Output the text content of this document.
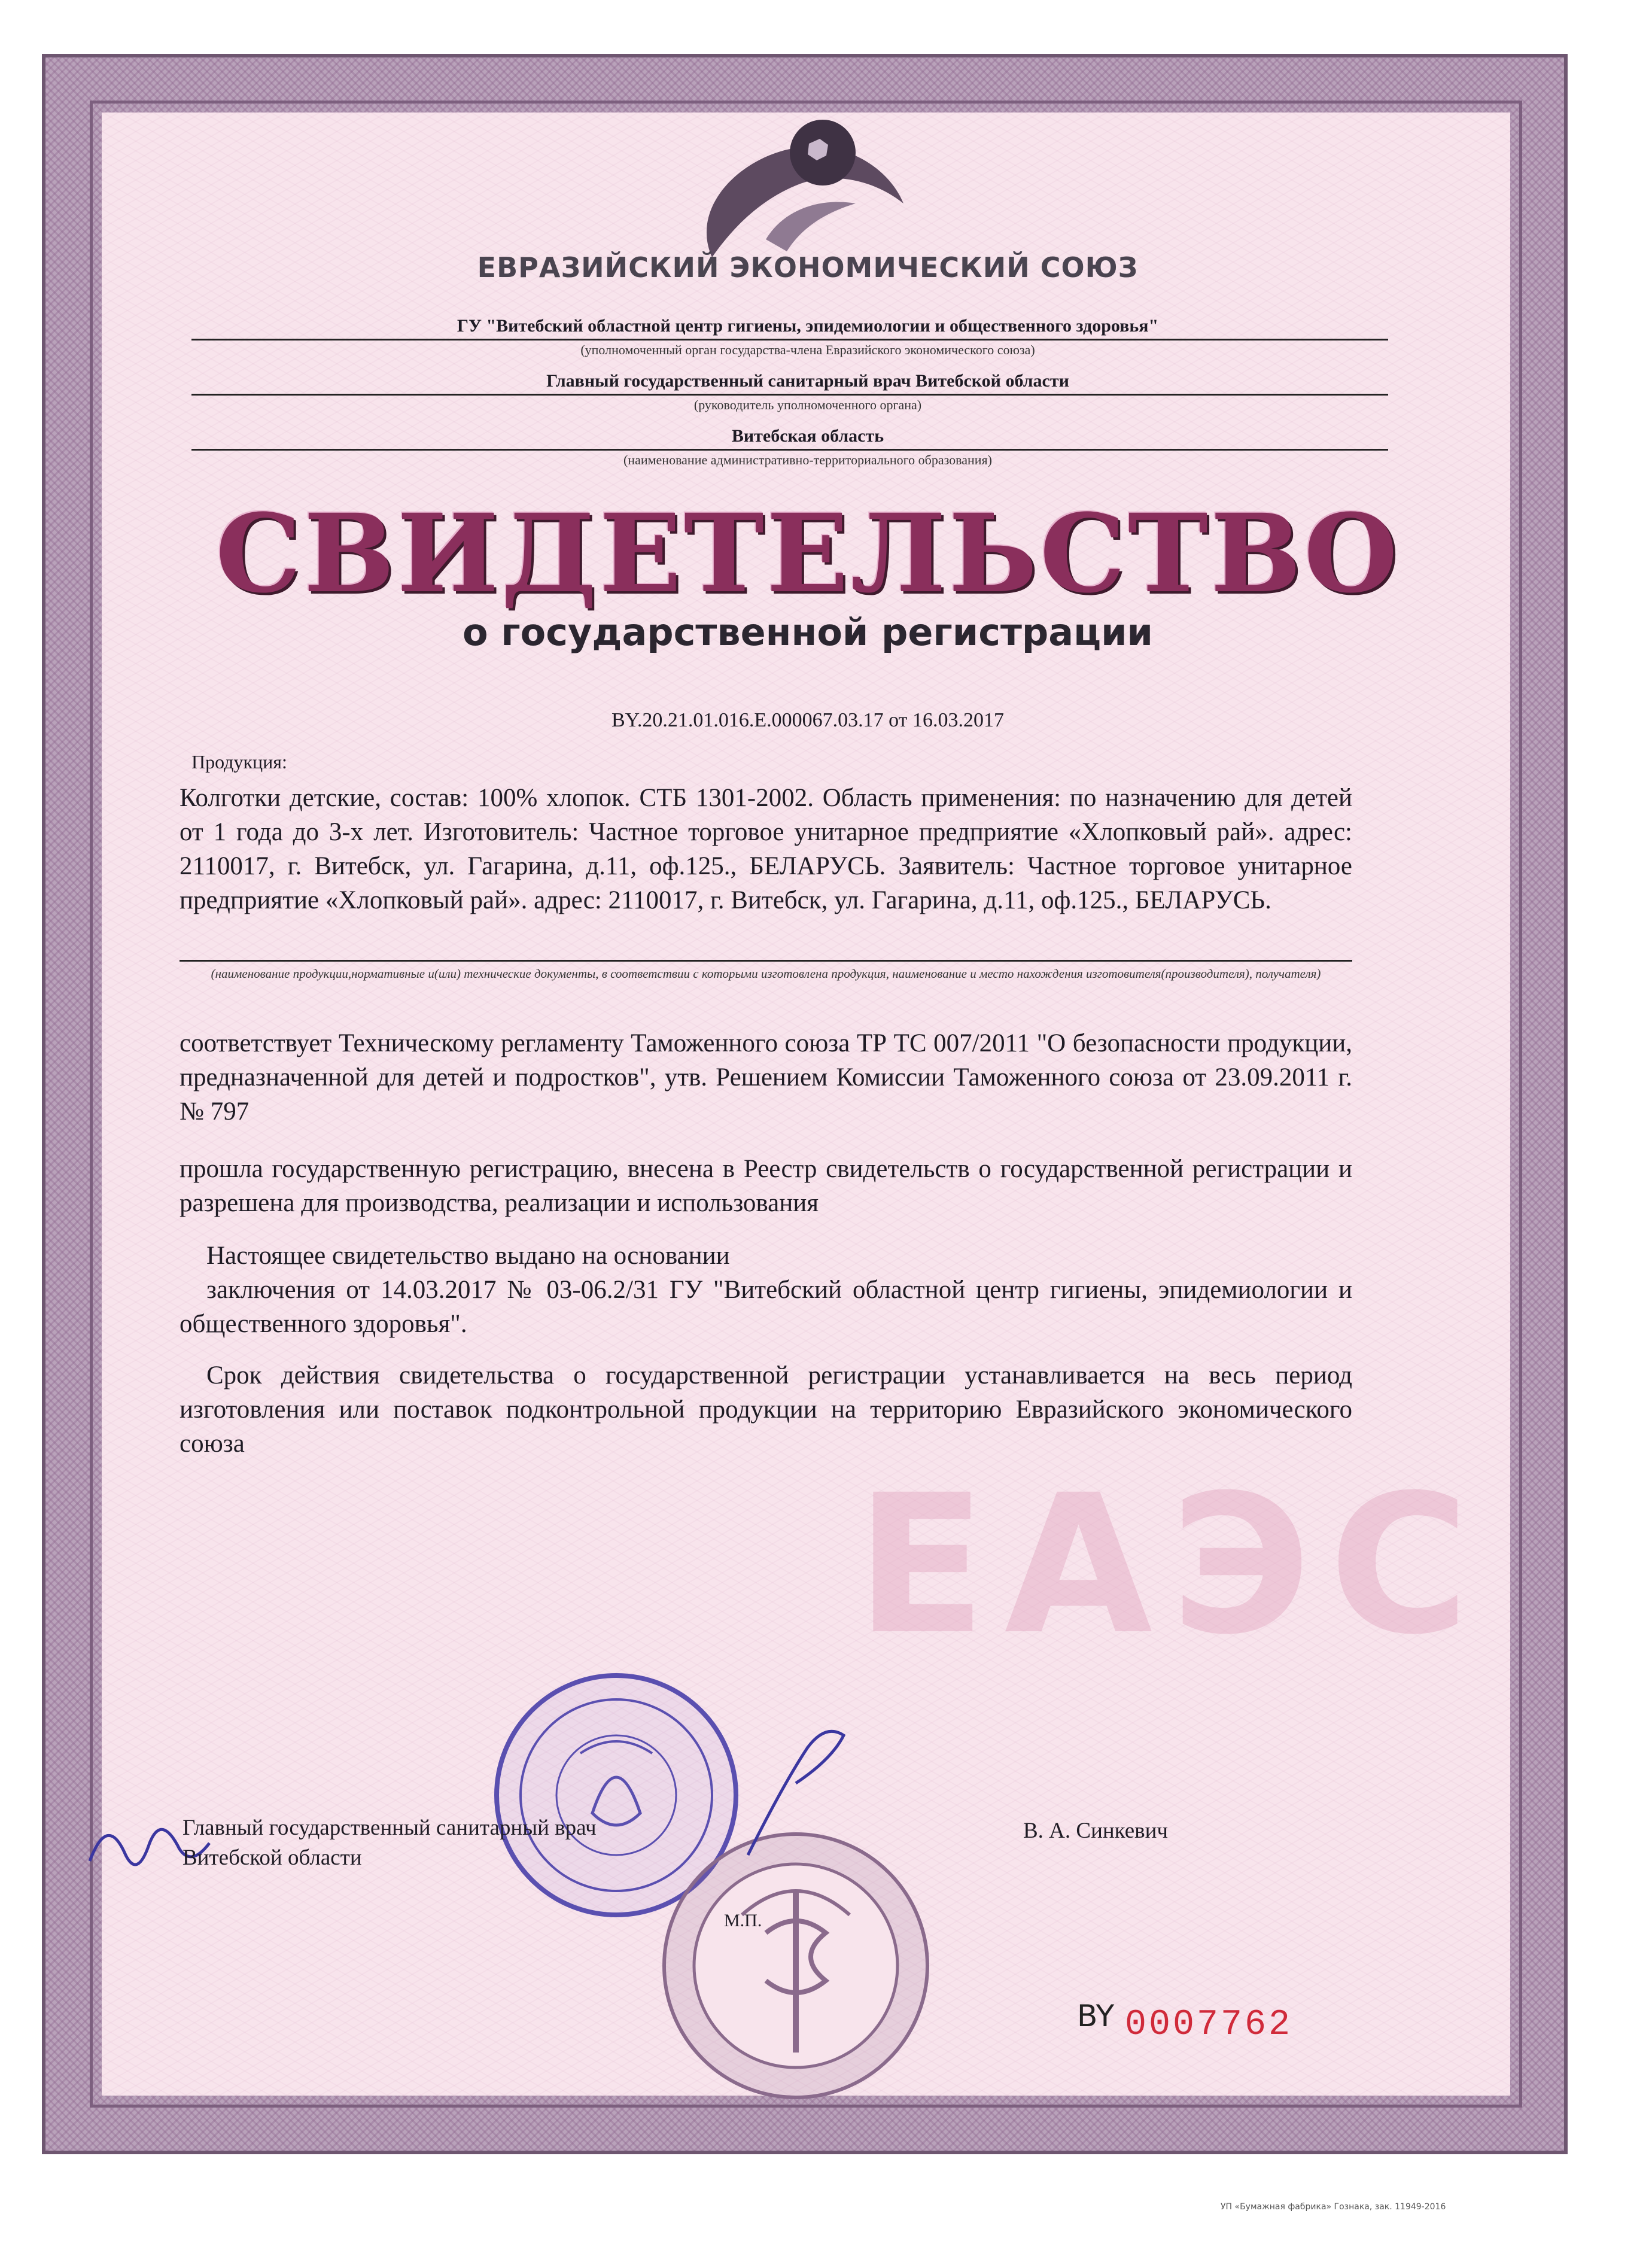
ЕВРАЗИЙСКИЙ ЭКОНОМИЧЕСКИЙ СОЮЗ
ГУ "Витебский областной центр гигиены, эпидемиологии и общественного здоровья"
(уполномоченный орган государства-члена Евразийского экономического союза)
Главный государственный санитарный врач Витебской области
(руководитель уполномоченного органа)
Витебская область
(наименование административно-территориального образования)
СВИДЕТЕЛЬСТВО
о государственной регистрации
BY.20.21.01.016.Е.000067.03.17 от 16.03.2017
Продукция:
Колготки детские, состав: 100% хлопок. СТБ 1301-2002. Область применения: по назначению для детей от 1 года до 3-х лет. Изготовитель: Частное торговое унитарное предприятие «Хлопковый рай». адрес: 2110017, г. Витебск, ул. Гагарина, д.11, оф.125., БЕЛАРУСЬ. Заявитель: Частное торговое унитарное предприятие «Хлопковый рай». адрес: 2110017, г. Витебск, ул. Гагарина, д.11, оф.125., БЕЛАРУСЬ.
(наименование продукции,нормативные и(или) технические документы, в соответствии с которыми изготовлена продукция, наименование и место нахождения изготовителя(производителя), получателя)
соответствует Техническому регламенту Таможенного союза ТР ТС 007/2011 "О безопасности продукции, предназначенной для детей и подростков", утв. Решением Комиссии Таможенного союза от 23.09.2011 г. № 797
прошла государственную регистрацию, внесена в Реестр свидетельств о государственной регистрации и разрешена для производства, реализации и использования
Настоящее свидетельство выдано на основании
заключения от 14.03.2017 № 03-06.2/31 ГУ "Витебский областной центр гигиены, эпидемиологии и общественного здоровья".
Срок действия свидетельства о государственной регистрации устанавливается на весь период изготовления или поставок подконтрольной продукции на территорию Евразийского экономического союза
ЕАЭС
Главный государственный санитарный врач
Витебской области
В. А. Синкевич
М.П.
BY 0007762
УП «Бумажная фабрика» Гознака, зак. 11949-2016
